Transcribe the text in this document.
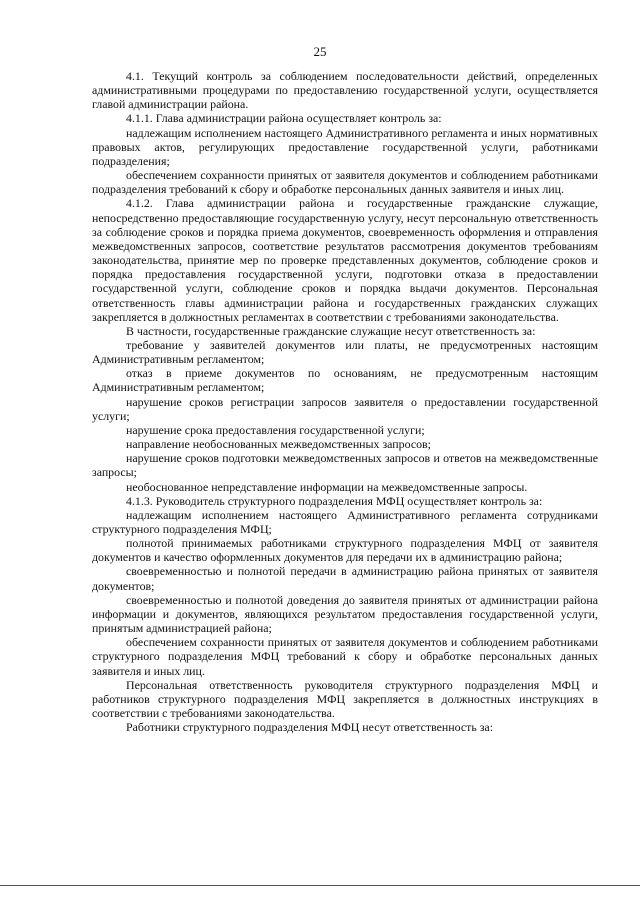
25

4.1. Текущий контроль за соблюдением последовательности действий, определенных административными процедурами по предоставлению государственной услуги, осуществляется главой администрации района.

4.1.1. Глава администрации района осуществляет контроль за:

надлежащим исполнением настоящего Административного регламента и иных нормативных правовых актов, регулирующих предоставление государственной услуги, работниками подразделения;

обеспечением сохранности принятых от заявителя документов и соблюдением работниками подразделения требований к сбору и обработке персональных данных заявителя и иных лиц.

4.1.2. Глава администрации района и государственные гражданские служащие, непосредственно предоставляющие государственную услугу, несут персональную ответственность за соблюдение сроков и порядка приема документов, своевременность оформления и отправления межведомственных запросов, соответствие результатов рассмотрения документов требованиям законодательства, принятие мер по проверке представленных документов, соблюдение сроков и порядка предоставления государственной услуги, подготовки отказа в предоставлении государственной услуги, соблюдение сроков и порядка выдачи документов. Персональная ответственность главы администрации района и государственных гражданских служащих закрепляется в должностных регламентах в соответствии с требованиями законодательства.

В частности, государственные гражданские служащие несут ответственность за:

требование у заявителей документов или платы, не предусмотренных настоящим Административным регламентом;

отказ в приеме документов по основаниям, не предусмотренным настоящим Административным регламентом;

нарушение сроков регистрации запросов заявителя о предоставлении государственной услуги;

нарушение срока предоставления государственной услуги;

направление необоснованных межведомственных запросов;

нарушение сроков подготовки межведомственных запросов и ответов на межведомственные запросы;

необоснованное непредставление информации на межведомственные запросы.

4.1.3. Руководитель структурного подразделения МФЦ осуществляет контроль за:

надлежащим исполнением настоящего Административного регламента сотрудниками структурного подразделения МФЦ;

полнотой принимаемых работниками структурного подразделения МФЦ от заявителя документов и качество оформленных документов для передачи их в администрацию района;

своевременностью и полнотой передачи в администрацию района принятых от заявителя документов;

своевременностью и полнотой доведения до заявителя принятых от администрации района информации и документов, являющихся результатом предоставления государственной услуги, принятым администрацией района;

обеспечением сохранности принятых от заявителя документов и соблюдением работниками структурного подразделения МФЦ требований к сбору и обработке персональных данных заявителя и иных лиц.

Персональная ответственность руководителя структурного подразделения МФЦ и работников структурного подразделения МФЦ закрепляется в должностных инструкциях в соответствии с требованиями законодательства.

Работники структурного подразделения МФЦ несут ответственность за:
